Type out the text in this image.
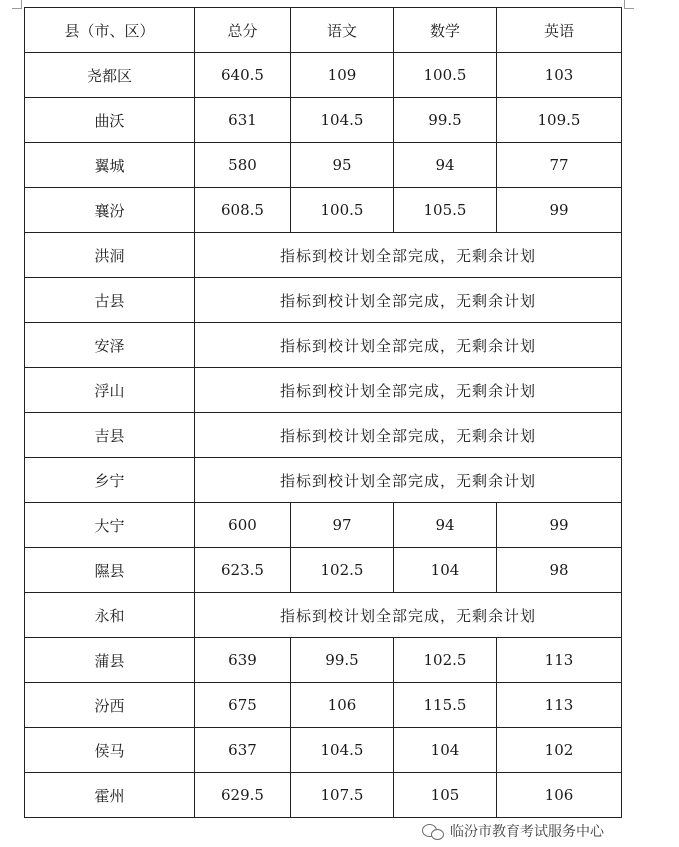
县（市、区）	总分	语文	数学	英语
尧都区	640.5	109	100.5	103
曲沃	631	104.5	99.5	109.5
翼城	580	95	94	77
襄汾	608.5	100.5	105.5	99
洪洞	指标到校计划全部完成，无剩余计划			
古县	指标到校计划全部完成，无剩余计划			
安泽	指标到校计划全部完成，无剩余计划			
浮山	指标到校计划全部完成，无剩余计划			
吉县	指标到校计划全部完成，无剩余计划			
乡宁	指标到校计划全部完成，无剩余计划			
大宁	600	97	94	99
隰县	623.5	102.5	104	98
永和	指标到校计划全部完成，无剩余计划			
蒲县	639	99.5	102.5	113
汾西	675	106	115.5	113
侯马	637	104.5	104	102
霍州	629.5	107.5	105	106
临汾市教育考试服务中心
